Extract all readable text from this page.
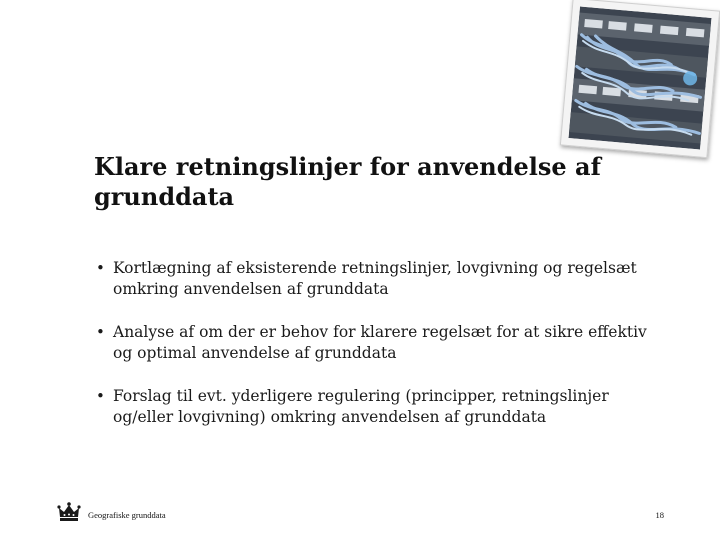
Klare retningslinjer for anvendelse af grunddata
• Kortlægning af eksisterende retningslinjer, lovgivning og regelsæt omkring anvendelsen af grunddata
• Analyse af om der er behov for klarere regelsæt for at sikre effektiv og optimal anvendelse af grunddata
• Forslag til evt. yderligere regulering (principper, retningslinjer og/eller lovgivning) omkring anvendelsen af grunddata
Geografiske grunddata	18
